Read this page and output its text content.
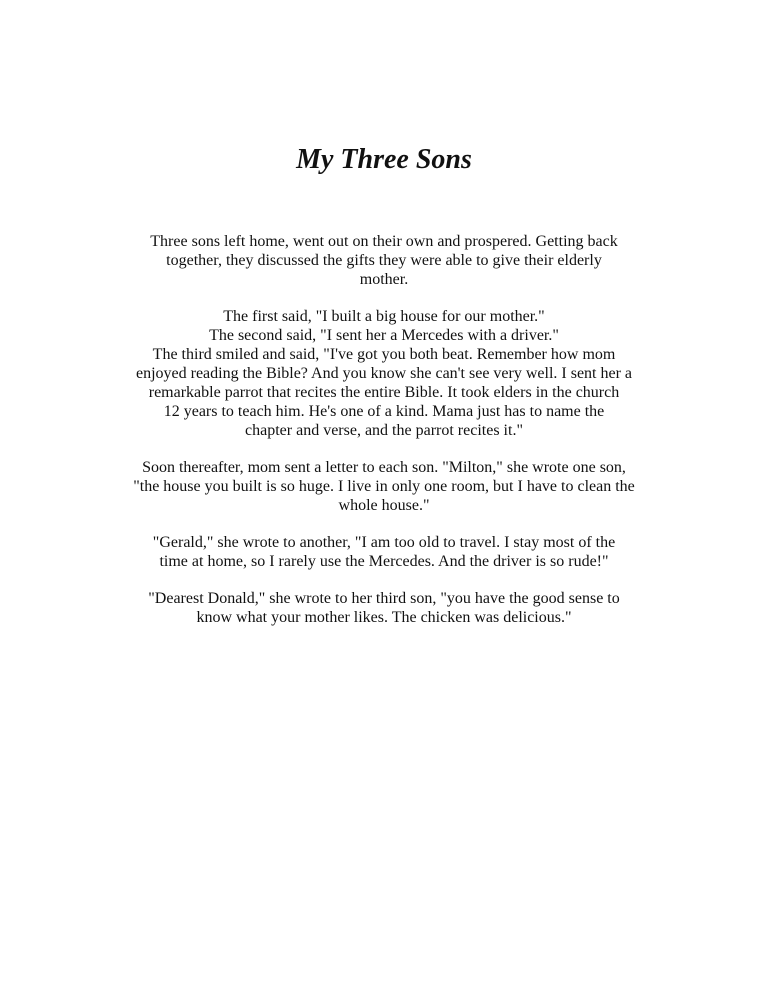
My Three Sons

Three sons left home, went out on their own and prospered. Getting back
together, they discussed the gifts they were able to give their elderly
mother.

The first said, "I built a big house for our mother."
The second said, "I sent her a Mercedes with a driver."
The third smiled and said, "I've got you both beat. Remember how mom
enjoyed reading the Bible? And you know she can't see very well. I sent her a
remarkable parrot that recites the entire Bible. It took elders in the church
12 years to teach him. He's one of a kind. Mama just has to name the
chapter and verse, and the parrot recites it."

Soon thereafter, mom sent a letter to each son. "Milton," she wrote one son,
"the house you built is so huge. I live in only one room, but I have to clean the
whole house."

"Gerald," she wrote to another, "I am too old to travel. I stay most of the
time at home, so I rarely use the Mercedes. And the driver is so rude!"

"Dearest Donald," she wrote to her third son, "you have the good sense to
know what your mother likes. The chicken was delicious."
